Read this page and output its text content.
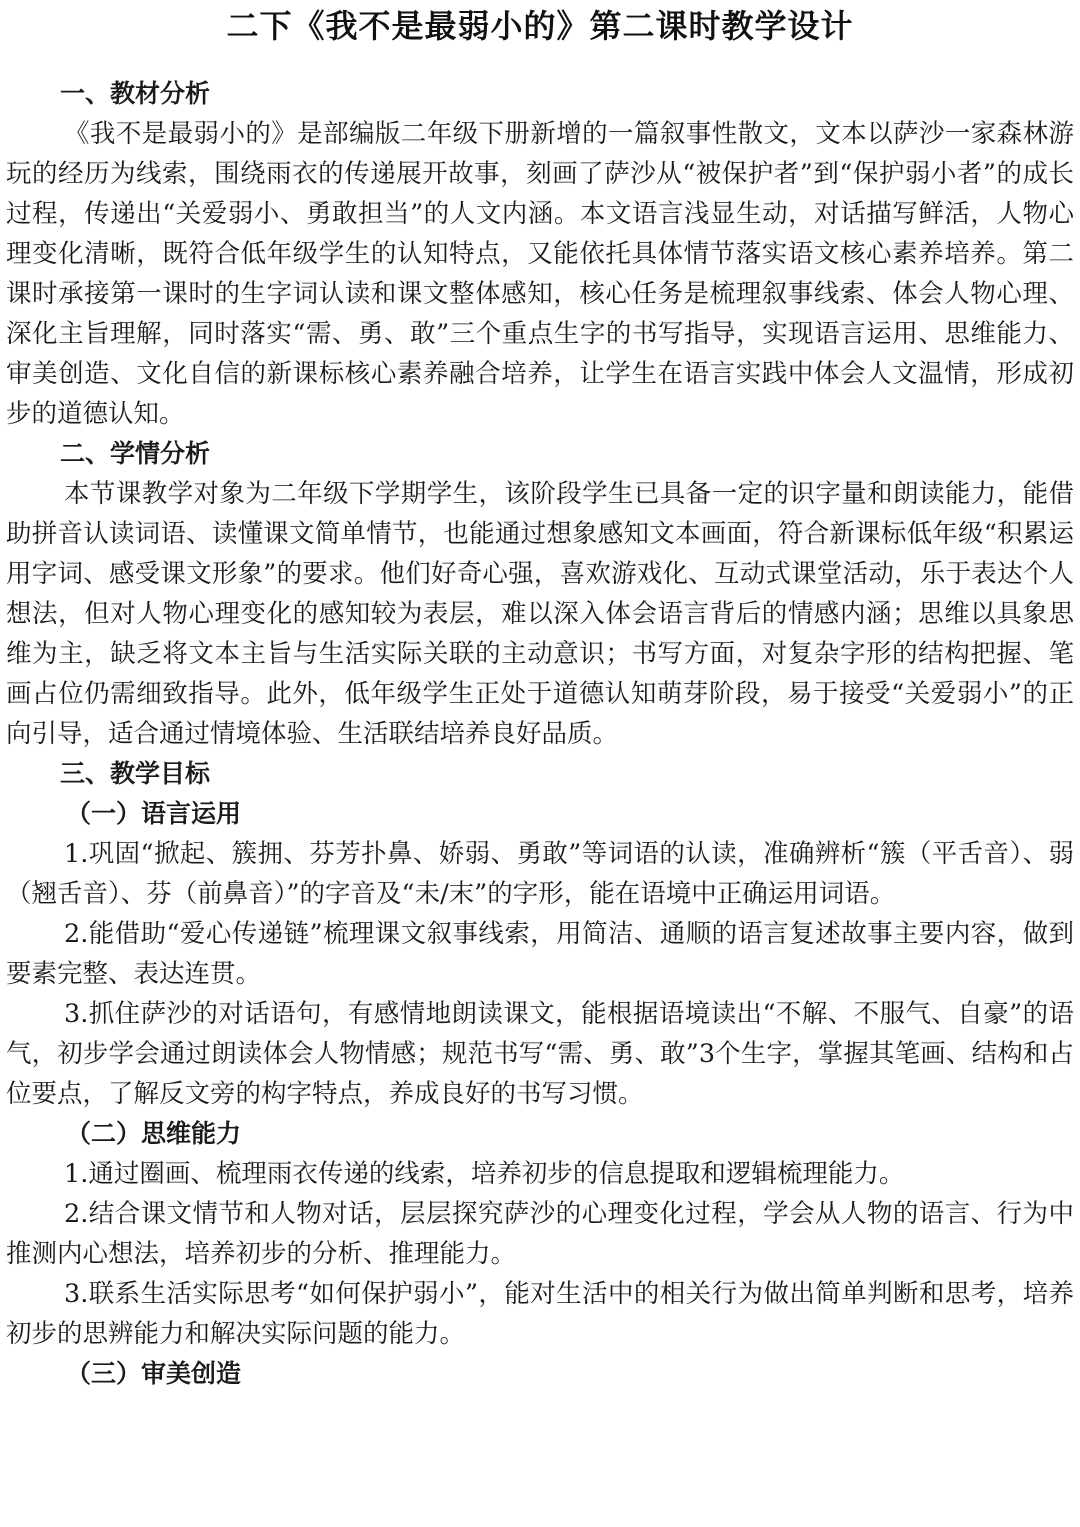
二下《我不是最弱小的》第二课时教学设计
一、教材分析

《我不是最弱小的》是部编版二年级下册新增的一篇叙事性散文，文本以萨沙一家森林游玩的经历为线索，围绕雨衣的传递展开故事，刻画了萨沙从“被保护者”到“保护弱小者”的成长过程，传递出“关爱弱小、勇敢担当”的人文内涵。本文语言浅显生动，对话描写鲜活，人物心理变化清晰，既符合低年级学生的认知特点，又能依托具体情节落实语文核心素养培养。第二课时承接第一课时的生字词认读和课文整体感知，核心任务是梳理叙事线索、体会人物心理、深化主旨理解，同时落实“需、勇、敢”三个重点生字的书写指导，实现语言运用、思维能力、审美创造、文化自信的新课标核心素养融合培养，让学生在语言实践中体会人文温情，形成初步的道德认知。

二、学情分析

本节课教学对象为二年级下学期学生，该阶段学生已具备一定的识字量和朗读能力，能借助拼音认读词语、读懂课文简单情节，也能通过想象感知文本画面，符合新课标低年级“积累运用字词、感受课文形象”的要求。他们好奇心强，喜欢游戏化、互动式课堂活动，乐于表达个人想法，但对人物心理变化的感知较为表层，难以深入体会语言背后的情感内涵；思维以具象思维为主，缺乏将文本主旨与生活实际关联的主动意识；书写方面，对复杂字形的结构把握、笔画占位仍需细致指导。此外，低年级学生正处于道德认知萌芽阶段，易于接受“关爱弱小”的正向引导，适合通过情境体验、生活联结培养良好品质。

三、教学目标
（一）语言运用

1.巩固“掀起、簇拥、芬芳扑鼻、娇弱、勇敢”等词语的认读，准确辨析“簇（平舌音）、弱（翘舌音）、芬（前鼻音）”的字音及“未/末”的字形，能在语境中正确运用词语。

2.能借助“爱心传递链”梳理课文叙事线索，用简洁、通顺的语言复述故事主要内容，做到要素完整、表达连贯。

3.抓住萨沙的对话语句，有感情地朗读课文，能根据语境读出“不解、不服气、自豪”的语气，初步学会通过朗读体会人物情感；规范书写“需、勇、敢”3个生字，掌握其笔画、结构和占位要点，了解反文旁的构字特点，养成良好的书写习惯。

（二）思维能力

1.通过圈画、梳理雨衣传递的线索，培养初步的信息提取和逻辑梳理能力。

2.结合课文情节和人物对话，层层探究萨沙的心理变化过程，学会从人物的语言、行为中推测内心想法，培养初步的分析、推理能力。

3.联系生活实际思考“如何保护弱小”，能对生活中的相关行为做出简单判断和思考，培养初步的思辨能力和解决实际问题的能力。

（三）审美创造
